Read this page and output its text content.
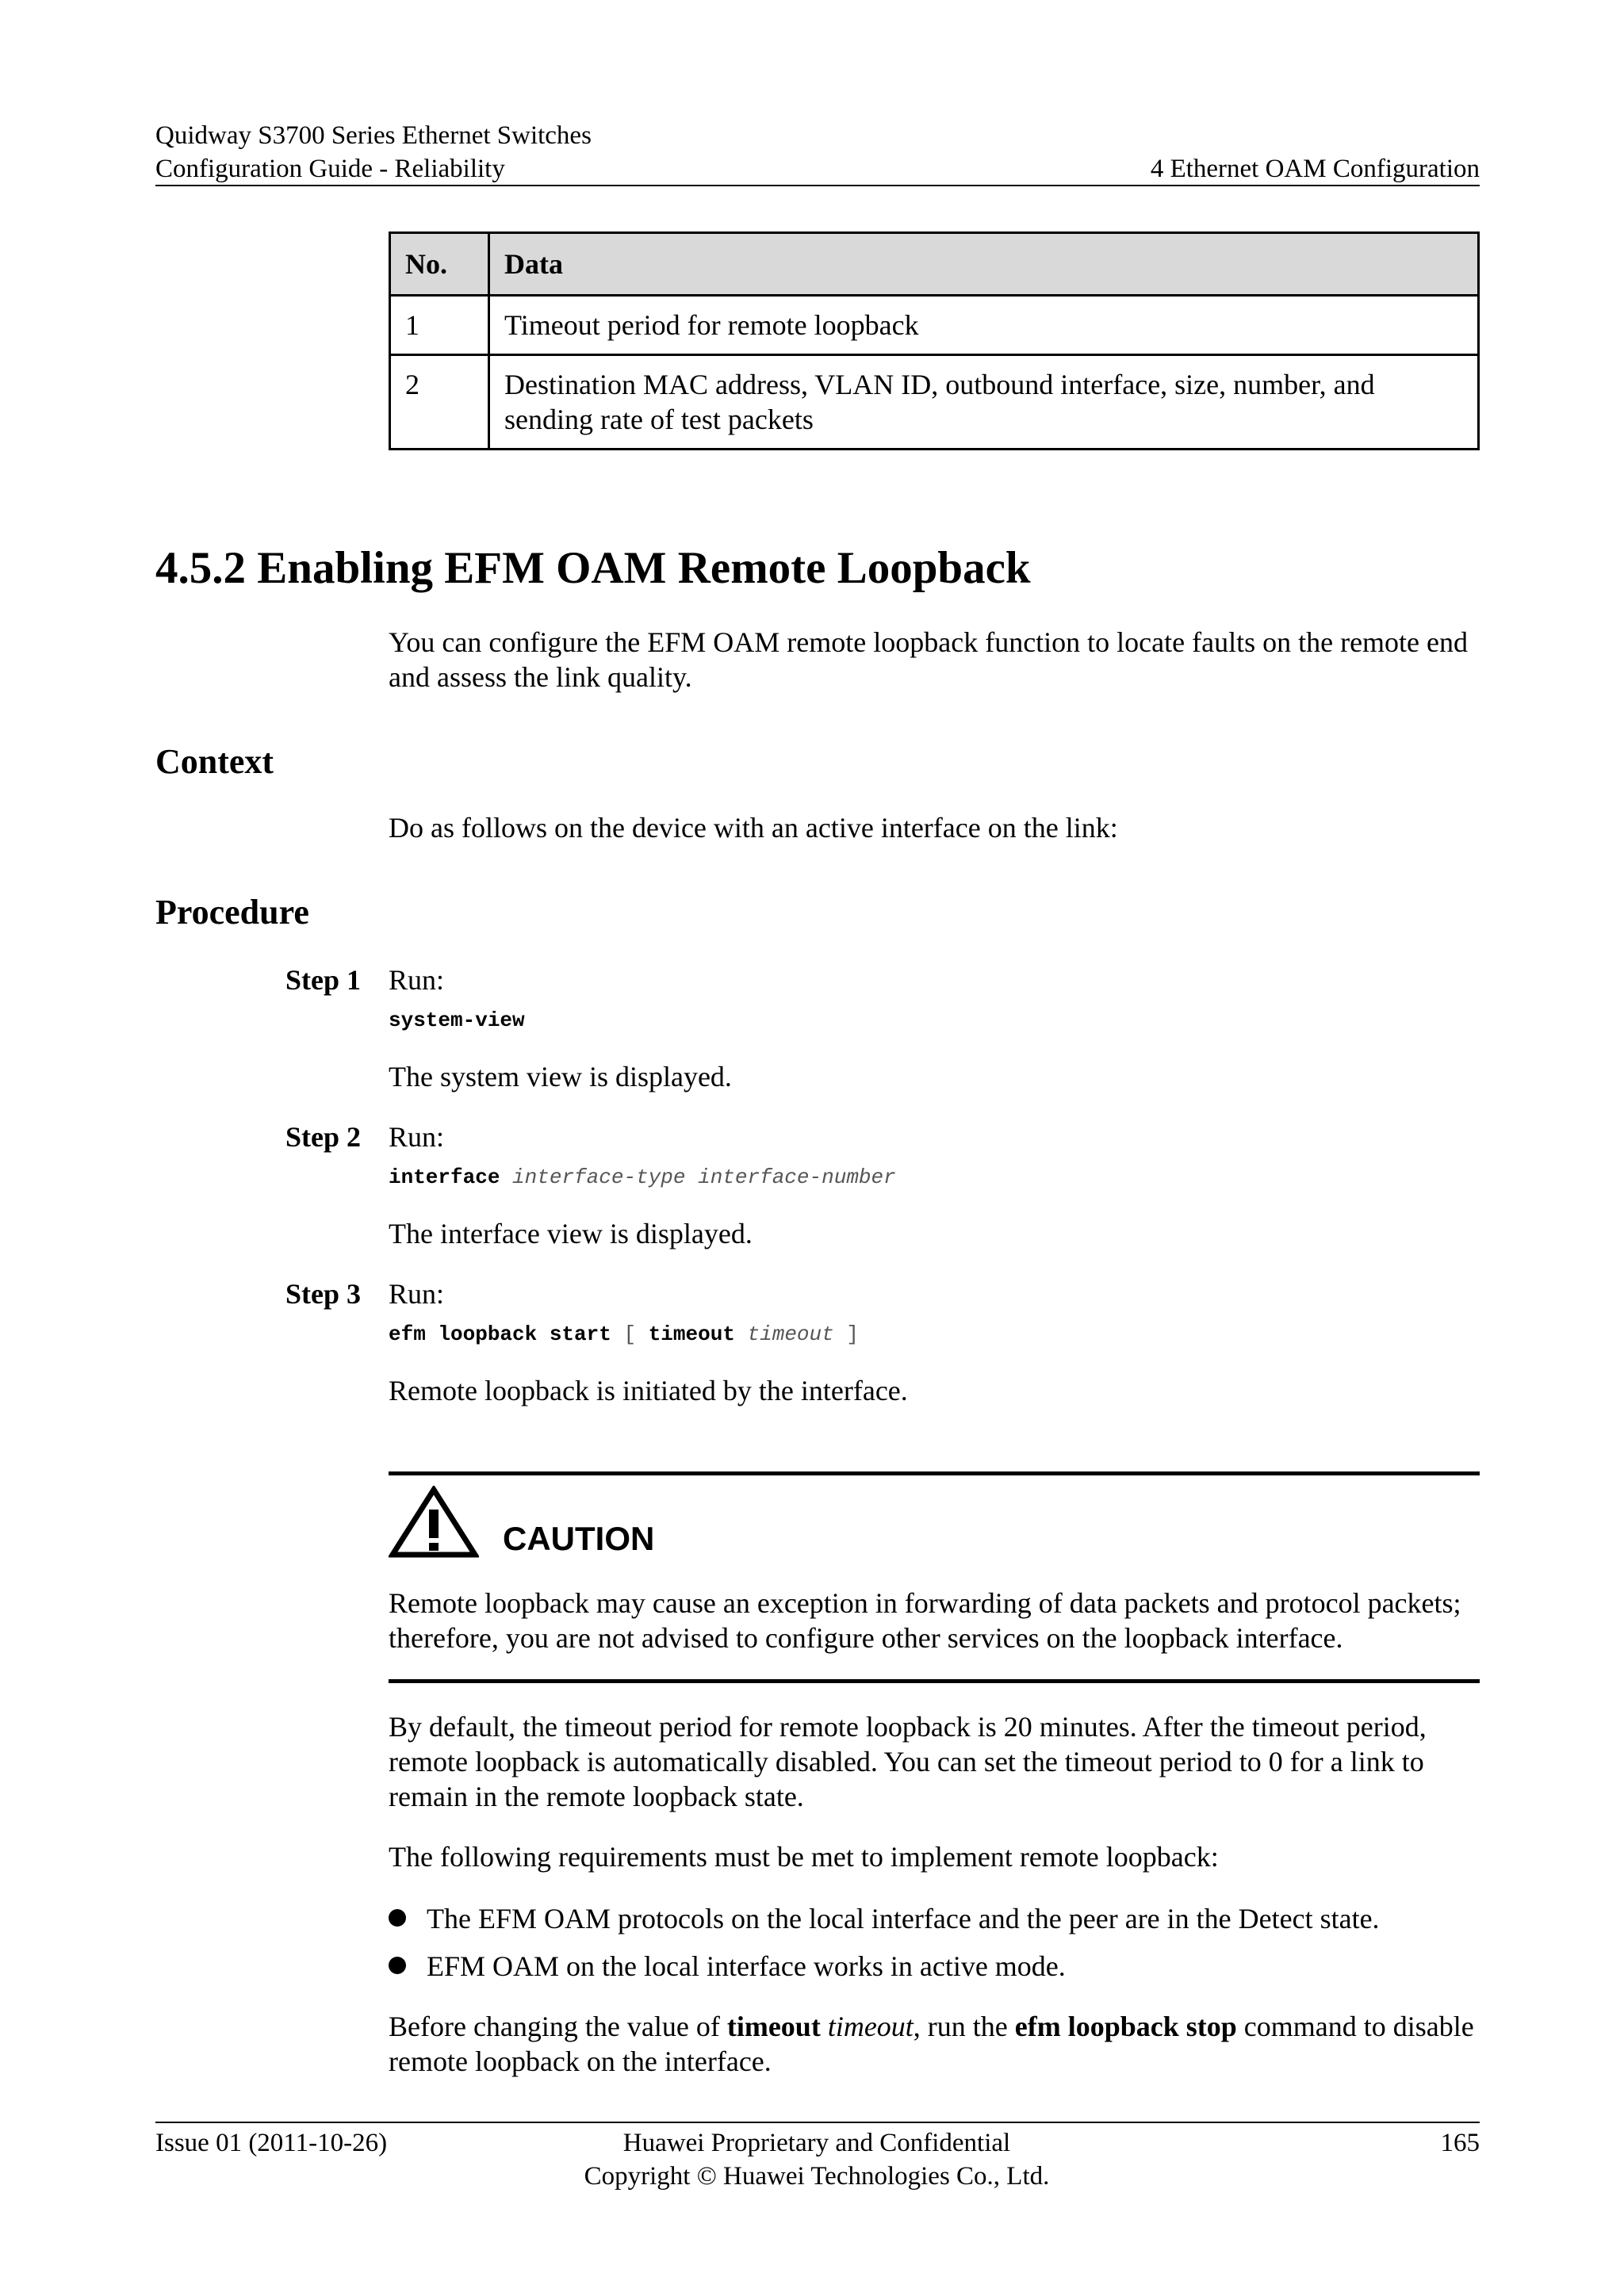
Quidway S3700 Series Ethernet Switches
Configuration Guide - Reliability	4 Ethernet OAM Configuration
No.	Data
1	Timeout period for remote loopback
2	Destination MAC address, VLAN ID, outbound interface, size, number, and sending rate of test packets
4.5.2 Enabling EFM OAM Remote Loopback

You can configure the EFM OAM remote loopback function to locate faults on the remote end and assess the link quality.

Context

Do as follows on the device with an active interface on the link:

Procedure
Step 1 Run:
system-view
The system view is displayed.
Step 2 Run:
interface interface-type interface-number
The interface view is displayed.
Step 3 Run:
efm loopback start [ timeout timeout ]
Remote loopback is initiated by the interface.
CAUTION

Remote loopback may cause an exception in forwarding of data packets and protocol packets; therefore, you are not advised to configure other services on the loopback interface.

By default, the timeout period for remote loopback is 20 minutes. After the timeout period, remote loopback is automatically disabled. You can set the timeout period to 0 for a link to remain in the remote loopback state.

The following requirements must be met to implement remote loopback:

The EFM OAM protocols on the local interface and the peer are in the Detect state.
EFM OAM on the local interface works in active mode.

Before changing the value of timeout timeout, run the efm loopback stop command to disable remote loopback on the interface.

Issue 01 (2011-10-26)	Huawei Proprietary and Confidential
Copyright © Huawei Technologies Co., Ltd.
165
